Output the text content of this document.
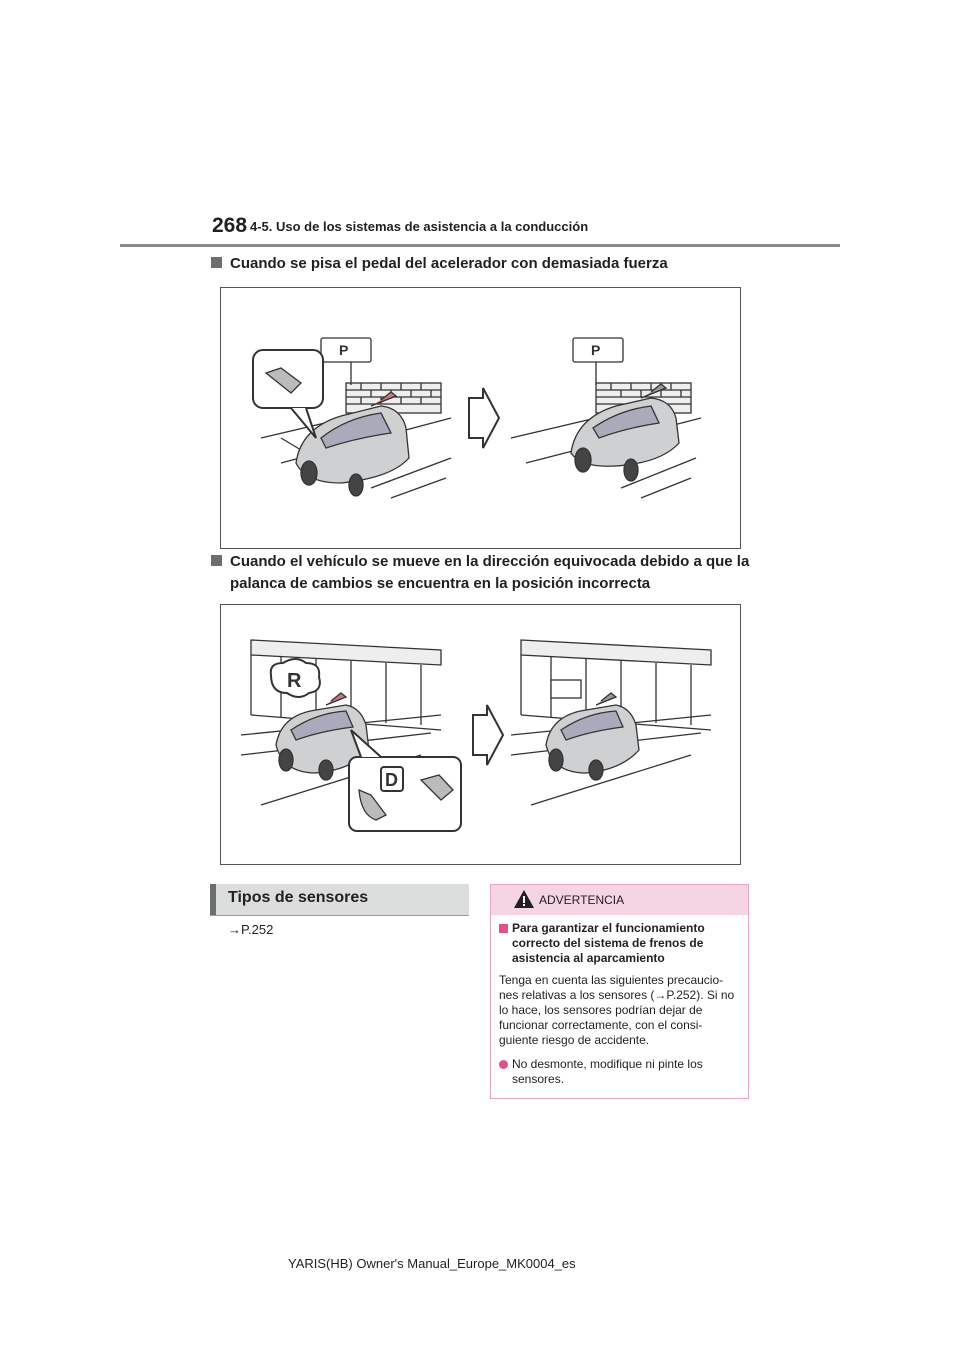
268 4-5. Uso de los sistemas de asistencia a la conducción
Cuando se pisa el pedal del acelerador con demasiada fuerza
P	P
Cuando el vehículo se mueve en la dirección equivocada debido a que la
palanca de cambios se encuentra en la posición incorrecta
R
D
Tipos de sensores
→P.252
ADVERTENCIA
Para garantizar el funcionamiento correcto del sistema de frenos de asistencia al aparcamiento

Tenga en cuenta las siguientes precaucio- nes relativas a los sensores (→P.252). Si no lo hace, los sensores podrían dejar de funcionar correctamente, con el consi- guiente riesgo de accidente.

No desmonte, modifique ni pinte los sensores.
YARIS(HB) Owner's Manual_Europe_MK0004_es
